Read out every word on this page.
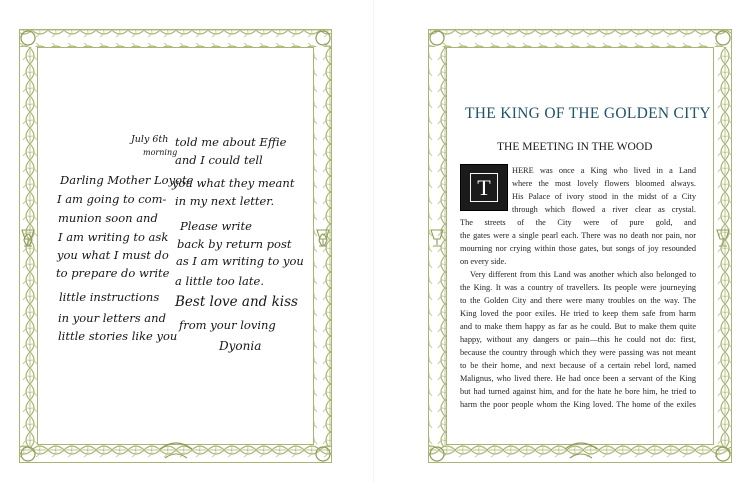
July 6th
morning
Darling Mother Loyote
I am going to com-
munion soon and
I am writing to ask
you what I must do
to prepare do write
little instructions
in your letters and
little stories like you
told me about Effie
and I could tell
you what they meant
in my next letter.
Please write
back by return post
as I am writing to you
a little too late.
Best love and kiss
from your loving
Dyonia
THE KING OF THE GOLDEN CITY
THE MEETING IN THE WOOD
T
HERE was once a King who lived in a Land
where the most lovely flowers bloomed always.
His Palace of ivory stood in the midst of a City
through which flowed a river clear as crystal.
The streets of the City were of pure gold, and
the gates were a single pearl each. There was no death nor pain, nor
mourning nor crying within those gates, but songs of joy resounded
on every side.
Very different from this Land was another which also belonged to
the King. It was a country of travellers. Its people were journeying
to the Golden City and there were many troubles on the way. The
King loved the poor exiles. He tried to keep them safe from harm
and to make them happy as far as he could. But to make them quite
happy, without any dangers or pain—this he could not do: first,
because the country through which they were passing was not meant
to be their home, and next because of a certain rebel lord, named
Malignus, who lived there. He had once been a servant of the King
but had turned against him, and for the hate he bore him, he tried to
harm the poor people whom the King loved. The home of the exiles
